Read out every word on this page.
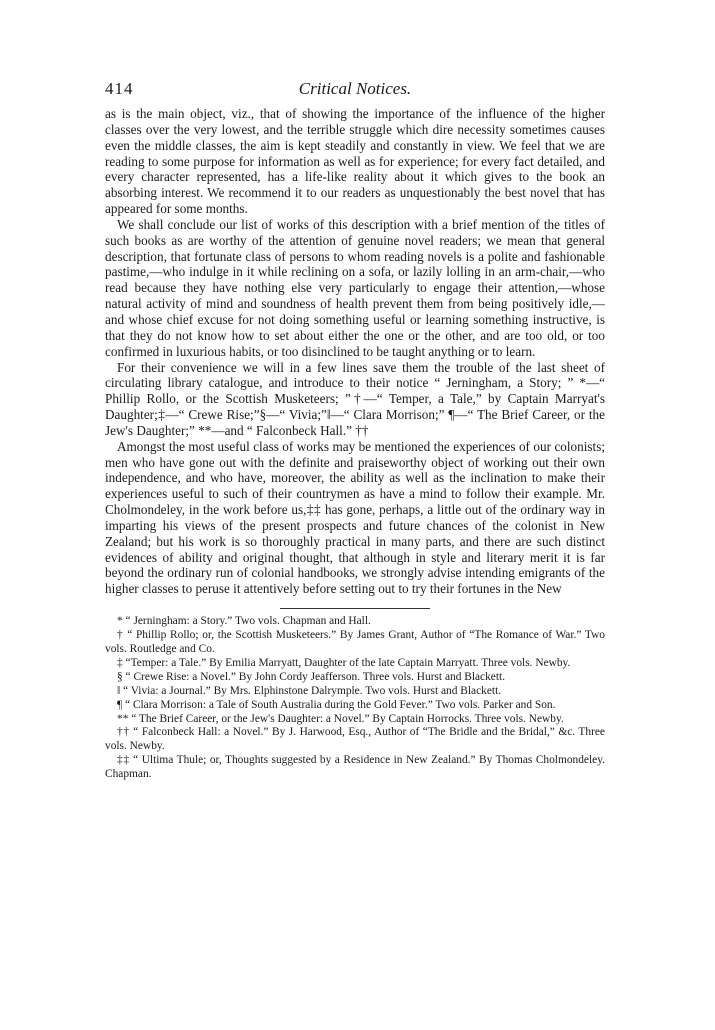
414	Critical Notices.

as is the main object, viz., that of showing the importance of the influence of the higher classes over the very lowest, and the terrible struggle which dire necessity sometimes causes even the middle classes, the aim is kept steadily and constantly in view. We feel that we are reading to some purpose for information as well as for experience; for every fact detailed, and every character represented, has a life-like reality about it which gives to the book an absorbing interest. We recommend it to our readers as unquestionably the best novel that has appeared for some months.

We shall conclude our list of works of this description with a brief mention of the titles of such books as are worthy of the attention of genuine novel readers; we mean that general description, that fortunate class of persons to whom reading novels is a polite and fashionable pastime,—who indulge in it while reclining on a sofa, or lazily lolling in an arm-chair,—who read because they have nothing else very particularly to engage their attention,—whose natural activity of mind and soundness of health prevent them from being positively idle,—and whose chief excuse for not doing something useful or learning something instructive, is that they do not know how to set about either the one or the other, and are too old, or too confirmed in luxurious habits, or too disinclined to be taught anything or to learn.

For their convenience we will in a few lines save them the trouble of the last sheet of circulating library catalogue, and introduce to their notice “ Jerningham, a Story; ” *—“ Phillip Rollo, or the Scottish Musketeers; ”†—“ Temper, a Tale,” by Captain Marryat's Daughter;‡—“ Crewe Rise;”§—“ Vivia;”‖—“ Clara Morrison;” ¶—“ The Brief Career, or the Jew's Daughter;” **—and “ Falconbeck Hall.” ††

Amongst the most useful class of works may be mentioned the experiences of our colonists; men who have gone out with the definite and praiseworthy object of working out their own independence, and who have, moreover, the ability as well as the inclination to make their experiences useful to such of their countrymen as have a mind to follow their example. Mr. Cholmondeley, in the work before us,‡‡ has gone, perhaps, a little out of the ordinary way in imparting his views of the present prospects and future chances of the colonist in New Zealand; but his work is so thoroughly practical in many parts, and there are such distinct evidences of ability and original thought, that although in style and literary merit it is far beyond the ordinary run of colonial handbooks, we strongly advise intending emigrants of the higher classes to peruse it attentively before setting out to try their fortunes in the New

* “ Jerningham: a Story.” Two vols. Chapman and Hall.

† “ Phillip Rollo; or, the Scottish Musketeers.” By James Grant, Author of “The Romance of War.” Two vols. Routledge and Co.

‡ “Temper: a Tale.” By Emilia Marryatt, Daughter of the late Captain Marryatt. Three vols. Newby.

§ “ Crewe Rise: a Novel.” By John Cordy Jeafferson. Three vols. Hurst and Blackett.

‖ “ Vivia: a Journal.” By Mrs. Elphinstone Dalrymple. Two vols. Hurst and Blackett.

¶ “ Clara Morrison: a Tale of South Australia during the Gold Fever.” Two vols. Parker and Son.

** “ The Brief Career, or the Jew's Daughter: a Novel.” By Captain Horrocks. Three vols. Newby.

†† “ Falconbeck Hall: a Novel.” By J. Harwood, Esq., Author of “The Bridle and the Bridal,” &c. Three vols. Newby.

‡‡ “ Ultima Thule; or, Thoughts suggested by a Residence in New Zealand.” By Thomas Cholmondeley. Chapman.
